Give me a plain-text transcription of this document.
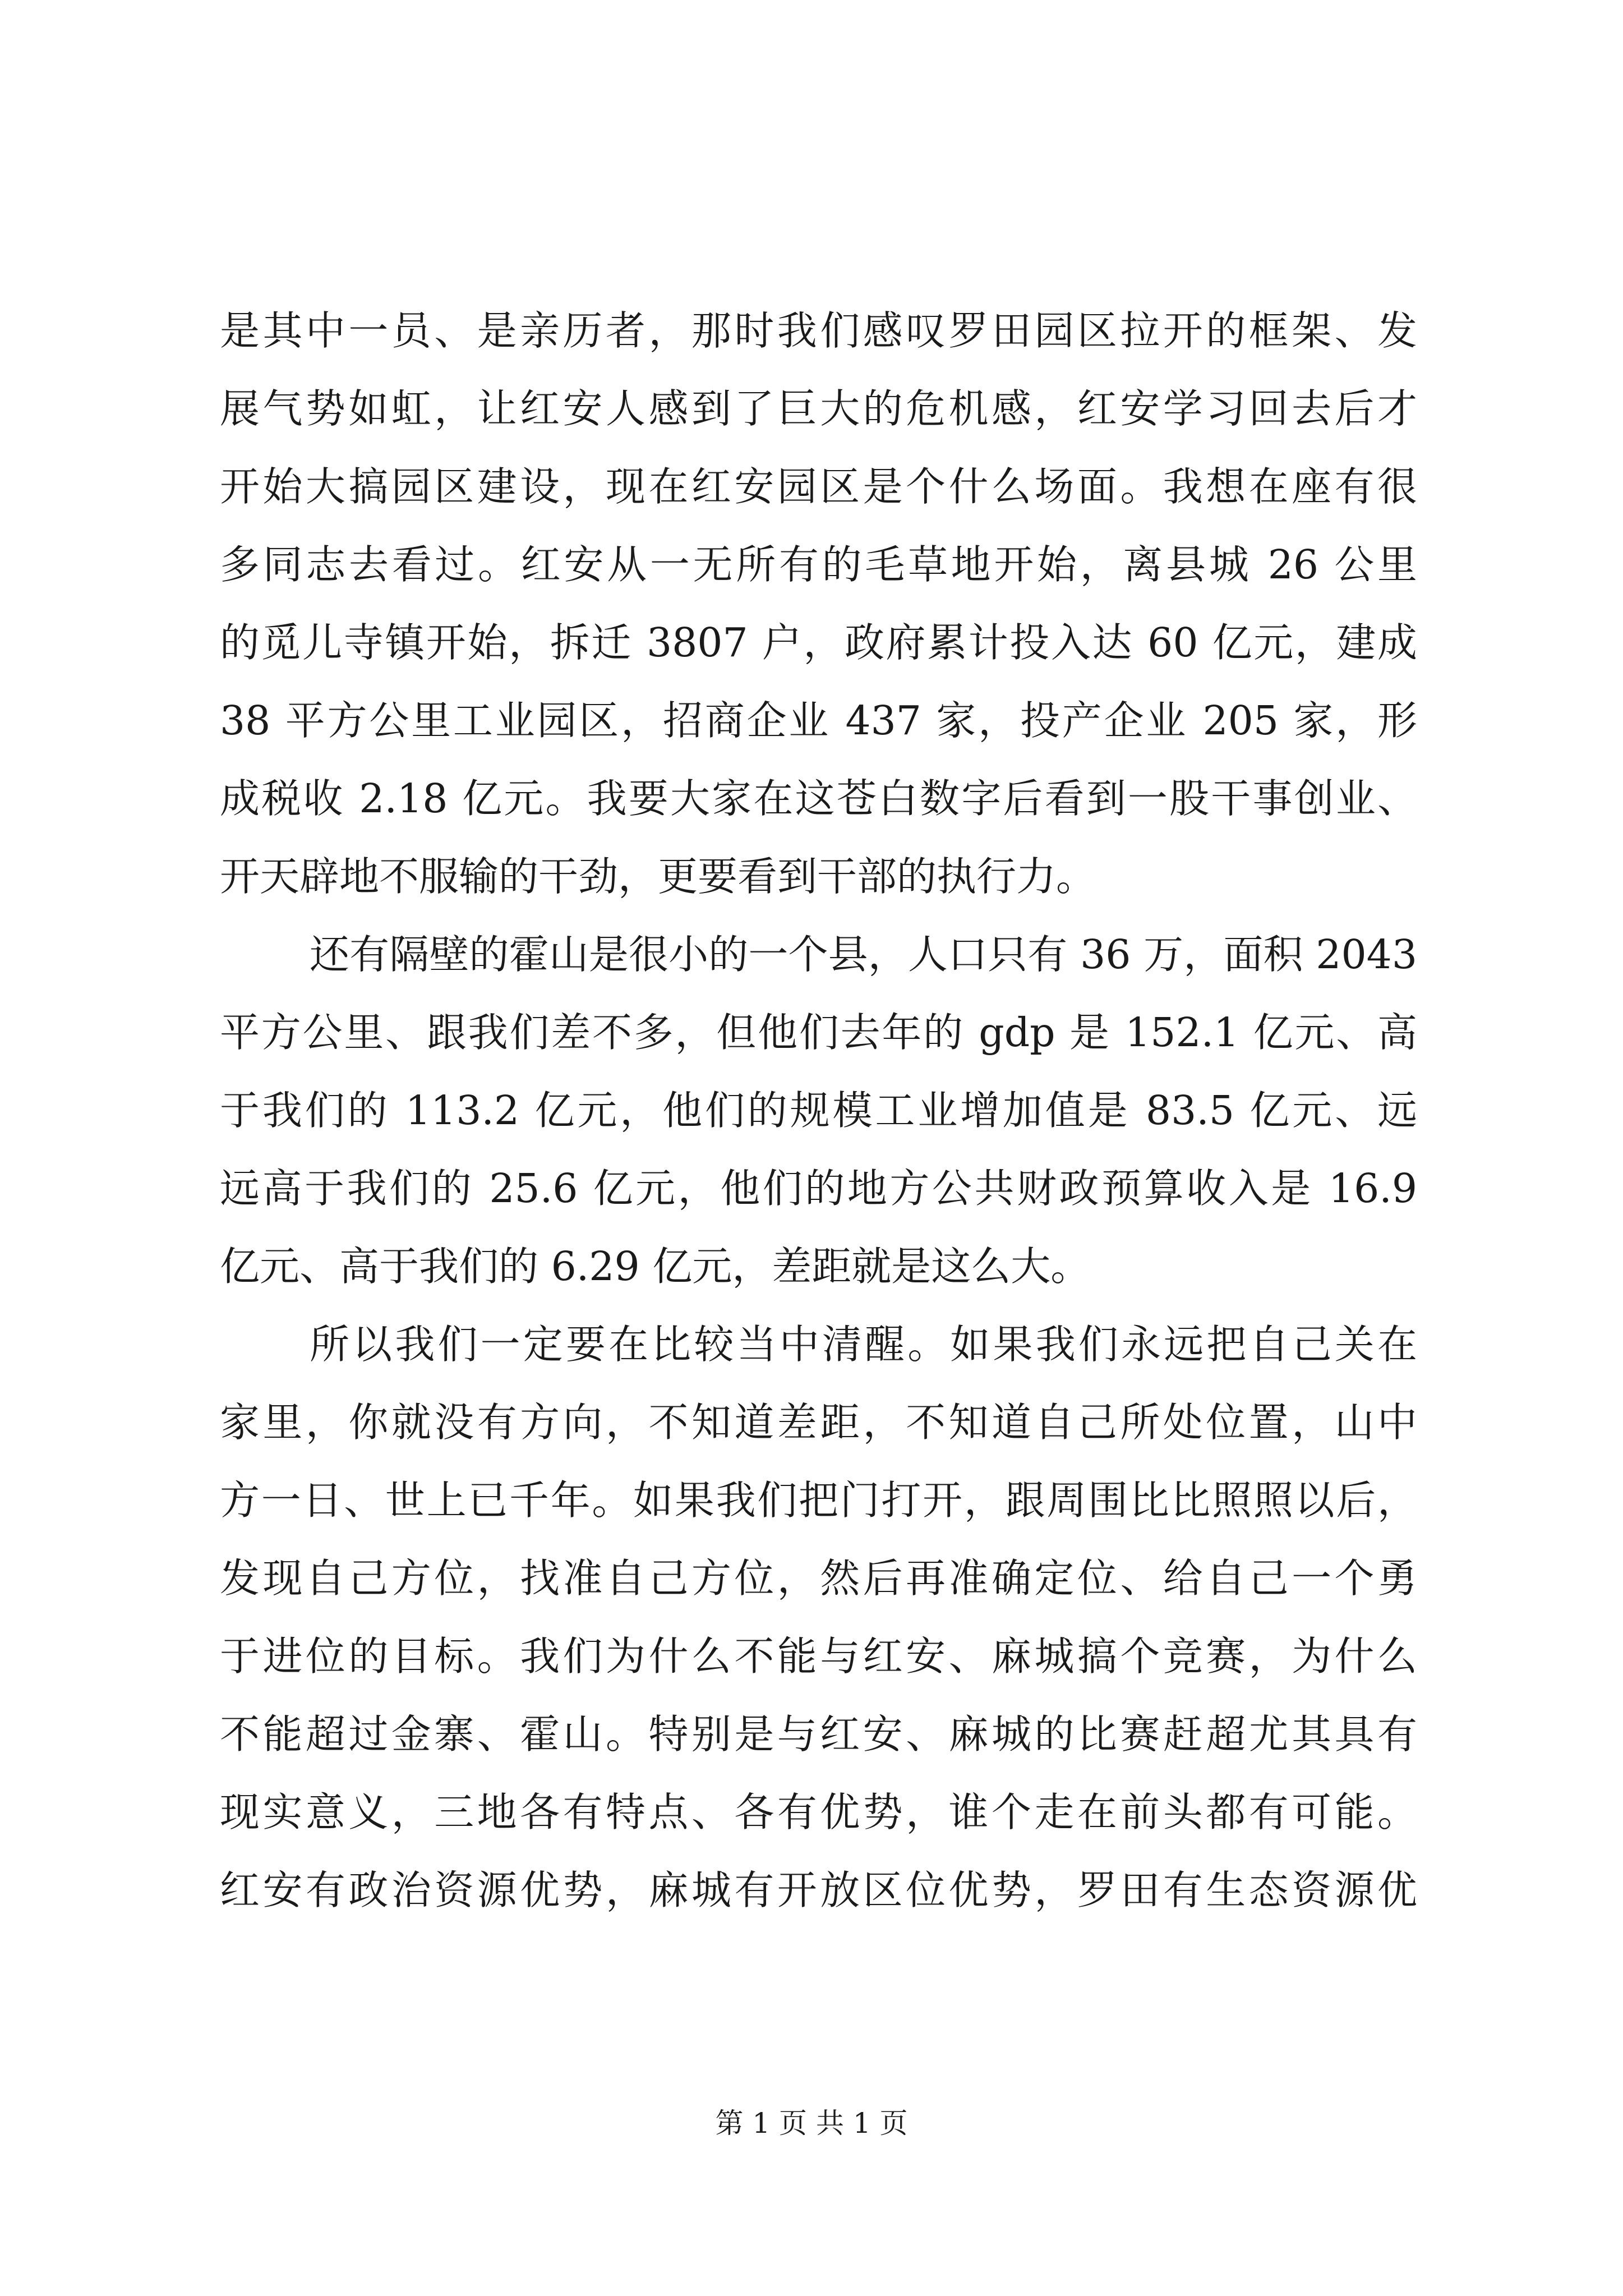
是其中一员、是亲历者，那时我们感叹罗田园区拉开的框架、发
展气势如虹，让红安人感到了巨大的危机感，红安学习回去后才
开始大搞园区建设，现在红安园区是个什么场面。我想在座有很
多同志去看过。红安从一无所有的毛草地开始，离县城 26 公里
的觅儿寺镇开始，拆迁 3807 户，政府累计投入达 60 亿元，建成
38 平方公里工业园区，招商企业 437 家，投产企业 205 家，形
成税收 2.18 亿元。我要大家在这苍白数字后看到一股干事创业、
开天辟地不服输的干劲，更要看到干部的执行力。
还有隔壁的霍山是很小的一个县，人口只有 36 万，面积 2043
平方公里、跟我们差不多，但他们去年的 gdp 是 152.1 亿元、高
于我们的 113.2 亿元，他们的规模工业增加值是 83.5 亿元、远
远高于我们的 25.6 亿元，他们的地方公共财政预算收入是 16.9
亿元、高于我们的 6.29 亿元，差距就是这么大。
所以我们一定要在比较当中清醒。如果我们永远把自己关在
家里，你就没有方向，不知道差距，不知道自己所处位置，山中
方一日、世上已千年。如果我们把门打开，跟周围比比照照以后，
发现自己方位，找准自己方位，然后再准确定位、给自己一个勇
于进位的目标。我们为什么不能与红安、麻城搞个竞赛，为什么
不能超过金寨、霍山。特别是与红安、麻城的比赛赶超尤其具有
现实意义，三地各有特点、各有优势，谁个走在前头都有可能。
红安有政治资源优势，麻城有开放区位优势，罗田有生态资源优
第 1 页 共 1 页
